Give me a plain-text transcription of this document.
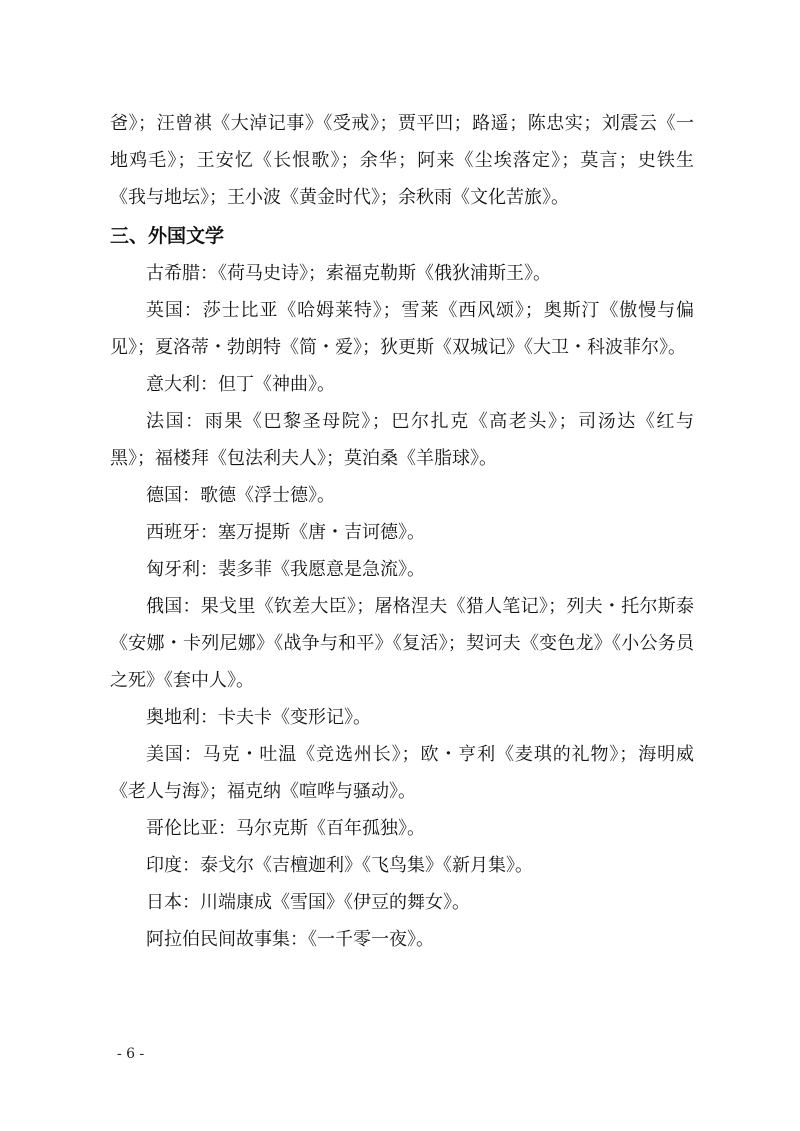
爸》；汪曾祺《大淖记事》《受戒》；贾平凹；路遥；陈忠实；刘震云《一地鸡毛》；王安忆《长恨歌》；余华；阿来《尘埃落定》；莫言；史铁生《我与地坛》；王小波《黄金时代》；余秋雨《文化苦旅》。

三、外国文学

古希腊：《荷马史诗》；索福克勒斯《俄狄浦斯王》。

英国：莎士比亚《哈姆莱特》；雪莱《西风颂》；奥斯汀《傲慢与偏见》；夏洛蒂・勃朗特《简・爱》；狄更斯《双城记》《大卫・科波菲尔》。

意大利：但丁《神曲》。

法国：雨果《巴黎圣母院》；巴尔扎克《高老头》；司汤达《红与黑》；福楼拜《包法利夫人》；莫泊桑《羊脂球》。

德国：歌德《浮士德》。

西班牙：塞万提斯《唐・吉诃德》。

匈牙利：裴多菲《我愿意是急流》。

俄国：果戈里《钦差大臣》；屠格涅夫《猎人笔记》；列夫・托尔斯泰《安娜・卡列尼娜》《战争与和平》《复活》；契诃夫《变色龙》《小公务员之死》《套中人》。

奥地利：卡夫卡《变形记》。

美国：马克・吐温《竞选州长》；欧・亨利《麦琪的礼物》；海明威《老人与海》；福克纳《喧哗与骚动》。

哥伦比亚：马尔克斯《百年孤独》。

印度：泰戈尔《吉檀迦利》《飞鸟集》《新月集》。

日本：川端康成《雪国》《伊豆的舞女》。

阿拉伯民间故事集：《一千零一夜》。

- 6 -
